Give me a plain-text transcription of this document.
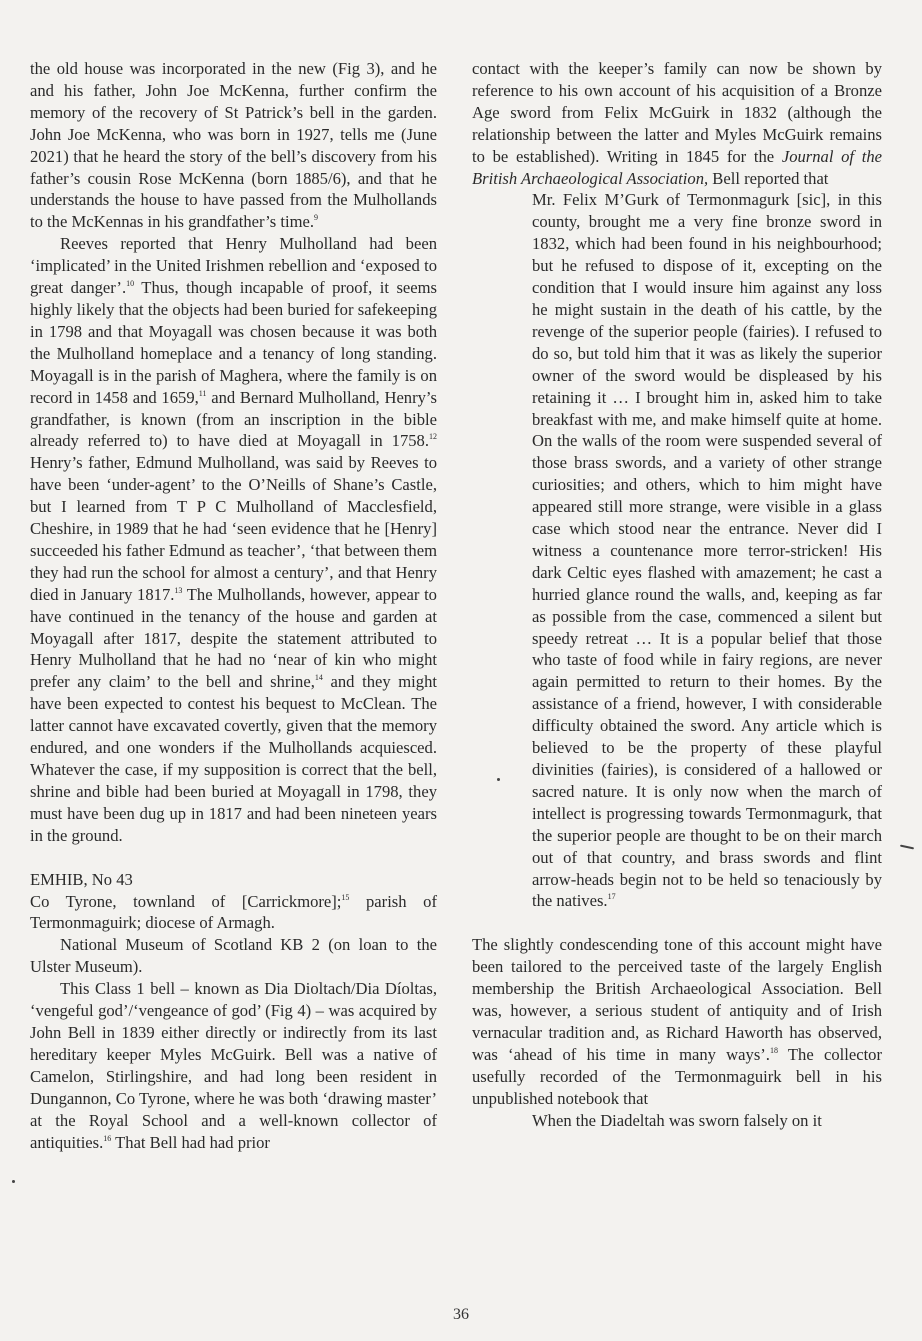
the old house was incorporated in the new (Fig 3), and he and his father, John Joe McKenna, further confirm the memory of the recovery of St Patrick’s bell in the garden. John Joe McKenna, who was born in 1927, tells me (June 2021) that he heard the story of the bell’s discovery from his father’s cousin Rose McKenna (born 1885/6), and that he understands the house to have passed from the Mulhollands to the McKennas in his grandfather’s time.$^9$

Reeves reported that Henry Mulholland had been ‘implicated’ in the United Irishmen rebellion and ‘exposed to great danger’.$^{10}$ Thus, though incapable of proof, it seems highly likely that the objects had been buried for safekeeping in 1798 and that Moyagall was chosen because it was both the Mulholland homeplace and a tenancy of long standing. Moyagall is in the parish of Maghera, where the family is on record in 1458 and 1659,11 and Bernard Mulholland, Henry’s grandfather, is known (from an inscription in the bible already referred to) to have died at Moyagall in 1758.12 Henry’s father, Edmund Mulholland, was said by Reeves to have been ‘under-agent’ to the O’Neills of Shane’s Castle, but I learned from T P C Mulholland of Macclesfield, Cheshire, in 1989 that he had ‘seen evidence that he [Henry] succeeded his father Edmund as teacher’, ‘that between them they had run the school for almost a century’, and that Henry died in January 1817.13 The Mulhollands, however, appear to have continued in the tenancy of the house and garden at Moyagall after 1817, despite the statement attributed to Henry Mulholland that he had no ‘near of kin who might prefer any claim’ to the bell and shrine,$^{14}$ and they might have been expected to contest his bequest to McClean. The latter cannot have excavated covertly, given that the memory endured, and one wonders if the Mulhollands acquiesced. Whatever the case, if my supposition is correct that the bell, shrine and bible had been buried at Moyagall in 1798, they must have been dug up in 1817 and had been nineteen years in the ground.

EMHIB, No 43

Co Tyrone, townland of [Carrickmore];$^{15}$ parish of Termonmaguirk; diocese of Armagh.

National Museum of Scotland KB 2 (on loan to the Ulster Museum).

This Class 1 bell – known as Dia Dioltach/Dia Díoltas, ‘vengeful god’/‘vengeance of god’ (Fig 4) – was acquired by John Bell in 1839 either directly or indirectly from its last hereditary keeper Myles McGuirk. Bell was a native of Camelon, Stirlingshire, and had long been resident in Dungannon, Co Tyrone, where he was both ‘drawing master’ at the Royal School and a well-known collector of antiquities.$^{16}$ That Bell had had prior

contact with the keeper’s family can now be shown by reference to his own account of his acquisition of a Bronze Age sword from Felix McGuirk in 1832 (although the relationship between the latter and Myles McGuirk remains to be established). Writing in 1845 for the Journal of the British Archaeological Association, Bell reported that

Mr. Felix M’Gurk of Termonmagurk [sic], in this county, brought me a very fine bronze sword in 1832, which had been found in his neighbourhood; but he refused to dispose of it, excepting on the condition that I would insure him against any loss he might sustain in the death of his cattle, by the revenge of the superior people (fairies). I refused to do so, but told him that it was as likely the superior owner of the sword would be displeased by his retaining it … I brought him in, asked him to take breakfast with me, and make himself quite at home. On the walls of the room were suspended several of those brass swords, and a variety of other strange curiosities; and others, which to him might have appeared still more strange, were visible in a glass case which stood near the entrance. Never did I witness a countenance more terror-stricken! His dark Celtic eyes flashed with amazement; he cast a hurried glance round the walls, and, keeping as far as possible from the case, commenced a silent but speedy retreat … It is a popular belief that those who taste of food while in fairy regions, are never again permitted to return to their homes. By the assistance of a friend, however, I with considerable difficulty obtained the sword. Any article which is believed to be the property of these playful divinities (fairies), is considered of a hallowed or sacred nature. It is only now when the march of intellect is progressing towards Termonmagurk, that the superior people are thought to be on their march out of that country, and brass swords and flint arrow-heads begin not to be held so tenaciously by the natives.$^{17}$

The slightly condescending tone of this account might have been tailored to the perceived taste of the largely English membership the British Archaeological Association. Bell was, however, a serious student of antiquity and of Irish vernacular tradition and, as Richard Haworth has observed, was ‘ahead of his time in many ways’.$^{18}$ The collector usefully recorded of the Termonmaguirk bell in his unpublished notebook that

When the Diadeltah was sworn falsely on it

36
